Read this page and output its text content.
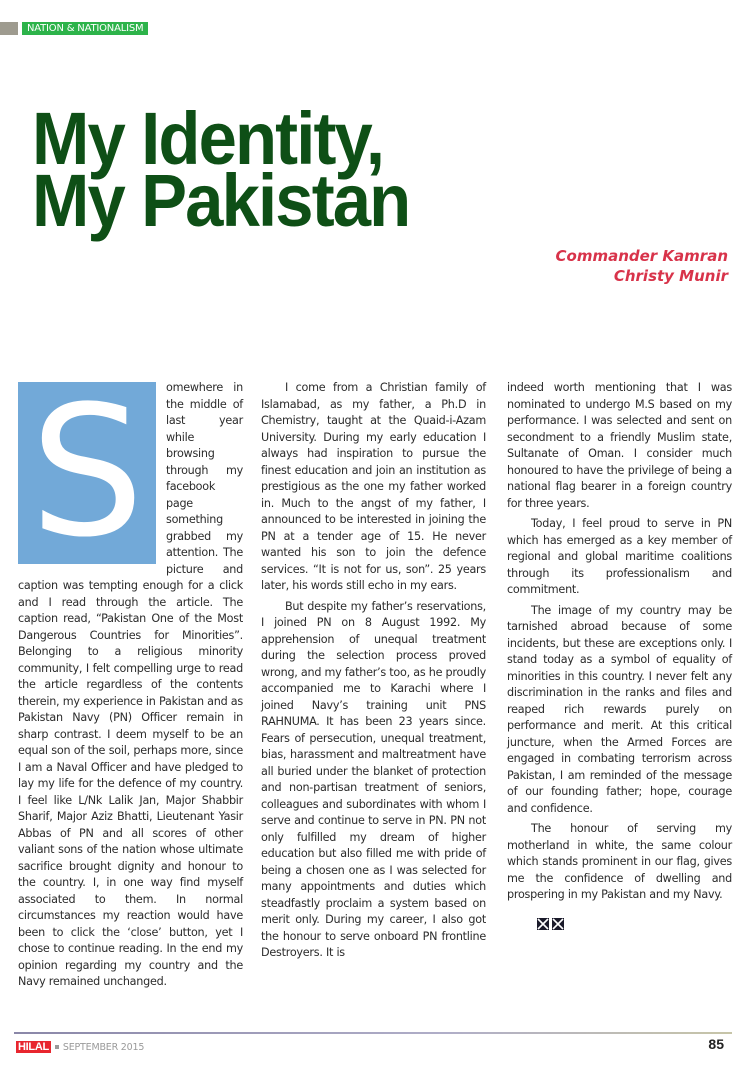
NATION & NATIONALISM
My Identity,
My Pakistan
Commander Kamran
Christy Munir
S	omewhere in the middle of last year while browsing through my facebook page something grabbed my attention. The picture and caption was tempting enough for a click and I read through the article. The caption read, “Pakistan One of the Most Dangerous Countries for Minorities”. Belonging to a religious minority community, I felt compelling urge to read the article regardless of the contents therein, my experience in Pakistan and as Pakistan Navy (PN) Officer remain in sharp contrast. I deem myself to be an equal son of the soil, perhaps more, since I am a Naval Officer and have pledged to lay my life for the defence of my country. I feel like L/Nk Lalik Jan, Major Shabbir Sharif, Major Aziz Bhatti, Lieutenant Yasir Abbas of PN and all scores of other valiant sons of the nation whose ultimate sacrifice brought dignity and honour to the country. I, in one way find myself associated to them. In normal circumstances my reaction would have been to click the ‘close’ button, yet I chose to continue reading. In the end my opinion regarding my country and the Navy remained unchanged.

I come from a Christian family of Islamabad, as my father, a Ph.D in Chemistry, taught at the Quaid-i-Azam University. During my early education I always had inspiration to pursue the finest education and join an institution as prestigious as the one my father worked in. Much to the angst of my father, I announced to be interested in joining the PN at a tender age of 15. He never wanted his son to join the defence services. “It is not for us, son”. 25 years later, his words still echo in my ears.

But despite my father’s reservations, I joined PN on 8 August 1992. My apprehension of unequal treatment during the selection process proved wrong, and my father’s too, as he proudly accompanied me to Karachi where I joined Navy’s training unit PNS RAHNUMA. It has been 23 years since. Fears of persecution, unequal treatment, bias, harassment and maltreatment have all buried under the blanket of protection and non-partisan treatment of seniors, colleagues and subordinates with whom I serve and continue to serve in PN. PN not only fulfilled my dream of higher education but also filled me with pride of being a chosen one as I was selected for many appointments and duties which steadfastly proclaim a system based on merit only. During my career, I also got the honour to serve onboard PN frontline Destroyers. It is

indeed worth mentioning that I was nominated to undergo M.S based on my performance. I was selected and sent on secondment to a friendly Muslim state, Sultanate of Oman. I consider much honoured to have the privilege of being a national flag bearer in a foreign country for three years.

Today, I feel proud to serve in PN which has emerged as a key member of regional and global maritime coalitions through its professionalism and commitment.

The image of my country may be tarnished abroad because of some incidents, but these are exceptions only. I stand today as a symbol of equality of minorities in this country. I never felt any discrimination in the ranks and files and reaped rich rewards purely on performance and merit. At this critical juncture, when the Armed Forces are engaged in combating terrorism across Pakistan, I am reminded of the message of our founding father; hope, courage and confidence.

The honour of serving my motherland in white, the same colour which stands prominent in our flag, gives me the confidence of dwelling and prospering in my Pakistan and my Navy.

HILAL SEPTEMBER 2015	85
